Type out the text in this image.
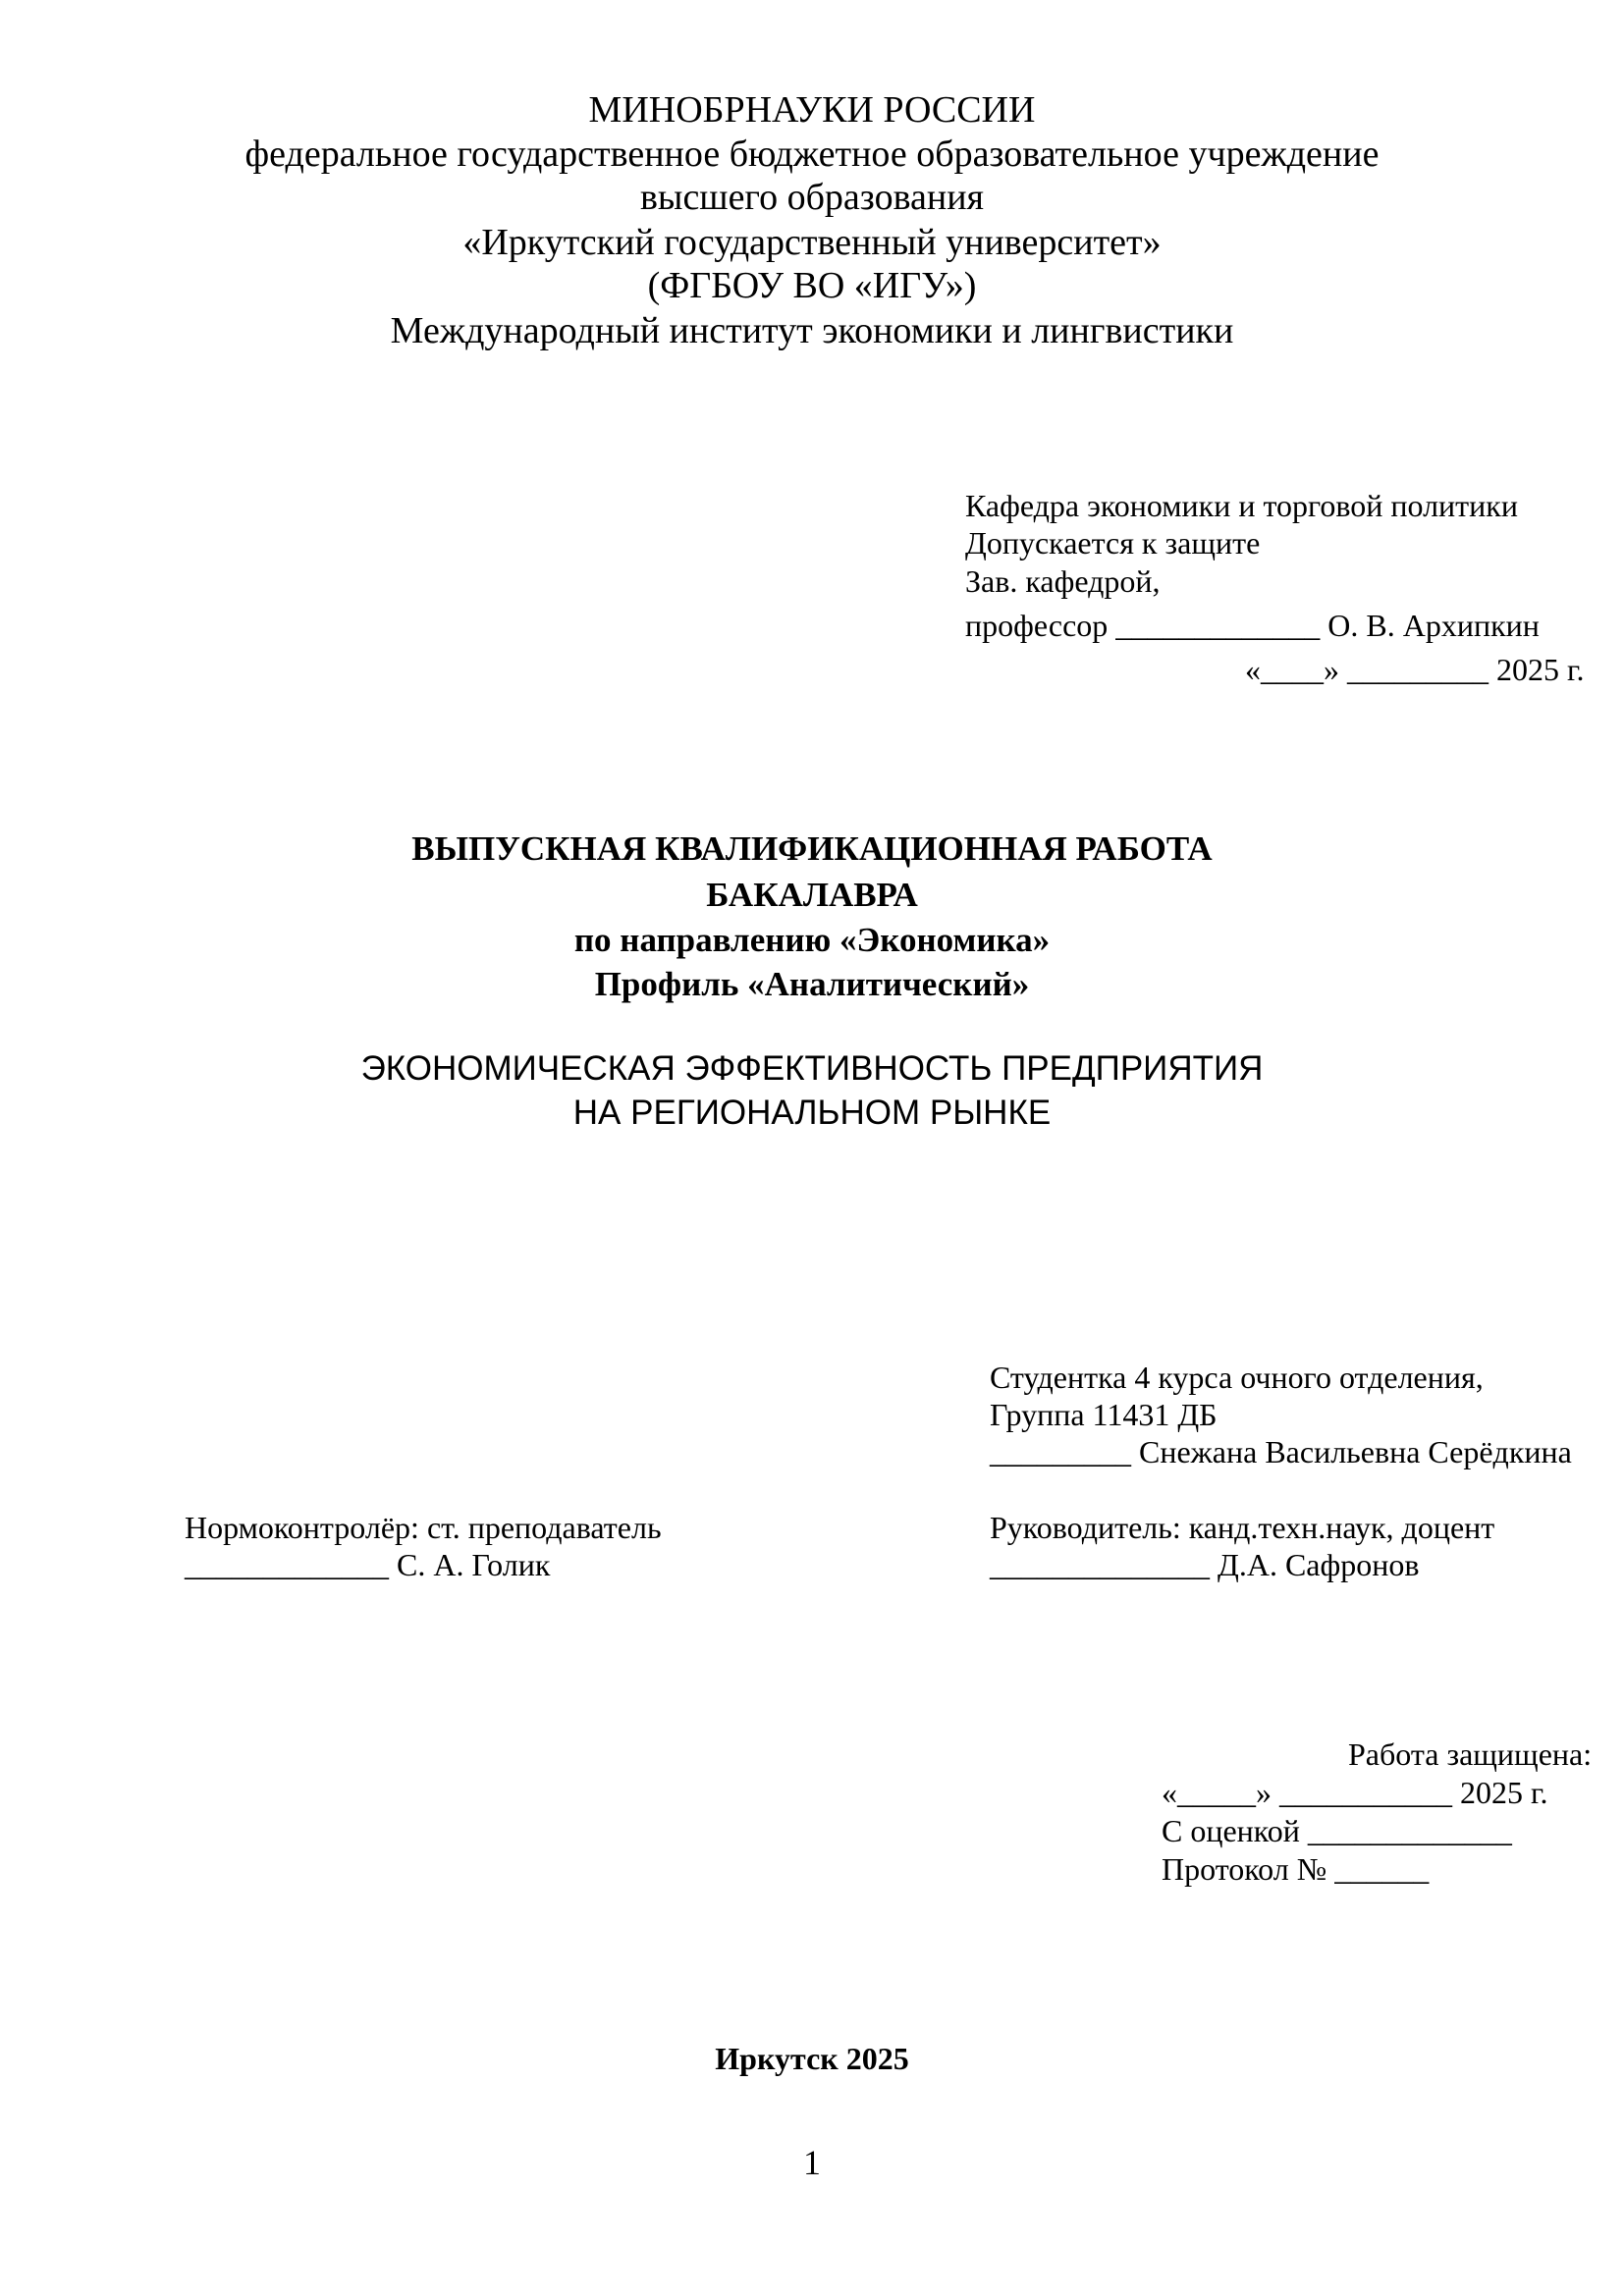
МИНОБРНАУКИ РОССИИ
федеральное государственное бюджетное образовательное учреждение
высшего образования
«Иркутский государственный университет»
(ФГБОУ ВО «ИГУ»)
Международный институт экономики и лингвистики
Кафедра экономики и торговой политики
Допускается к защите
Зав. кафедрой,
профессор _____________ О. В. Архипкин
«____» _________ 2025 г.
ВЫПУСКНАЯ КВАЛИФИКАЦИОННАЯ РАБОТА
БАКАЛАВРА
по направлению «Экономика»
Профиль «Аналитический»
ЭКОНОМИЧЕСКАЯ ЭФФЕКТИВНОСТЬ ПРЕДПРИЯТИЯ
НА РЕГИОНАЛЬНОМ РЫНКЕ
Студентка 4 курса очного отделения,
Группа 11431 ДБ
_________ Снежана Васильевна Серёдкина
Нормоконтролёр: ст. преподаватель
_____________ С. А. Голик
Руководитель: канд.техн.наук, доцент
______________ Д.А. Сафронов
Работа защищена:
«_____» ___________ 2025 г.
С оценкой _____________
Протокол № ______
Иркутск 2025
1
